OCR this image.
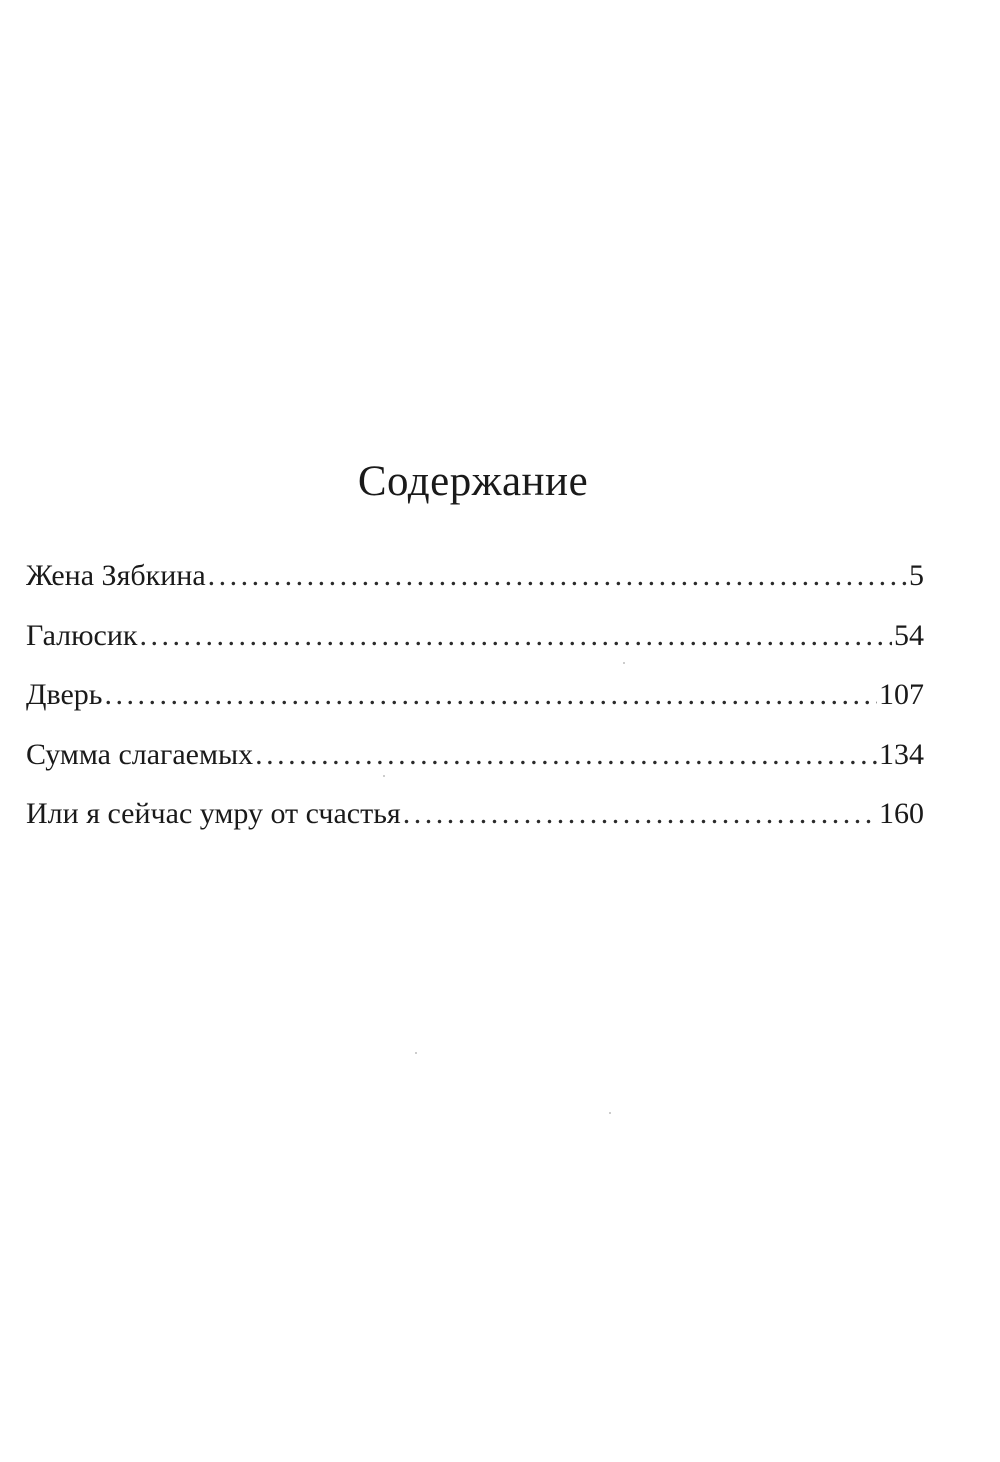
Содержание
Жена Зябкина . . .	5
Галюсик . . .	54
Дверь . . .	107
Сумма слагаемых . . .	134
Или я сейчас умру от счастья . . .	160
